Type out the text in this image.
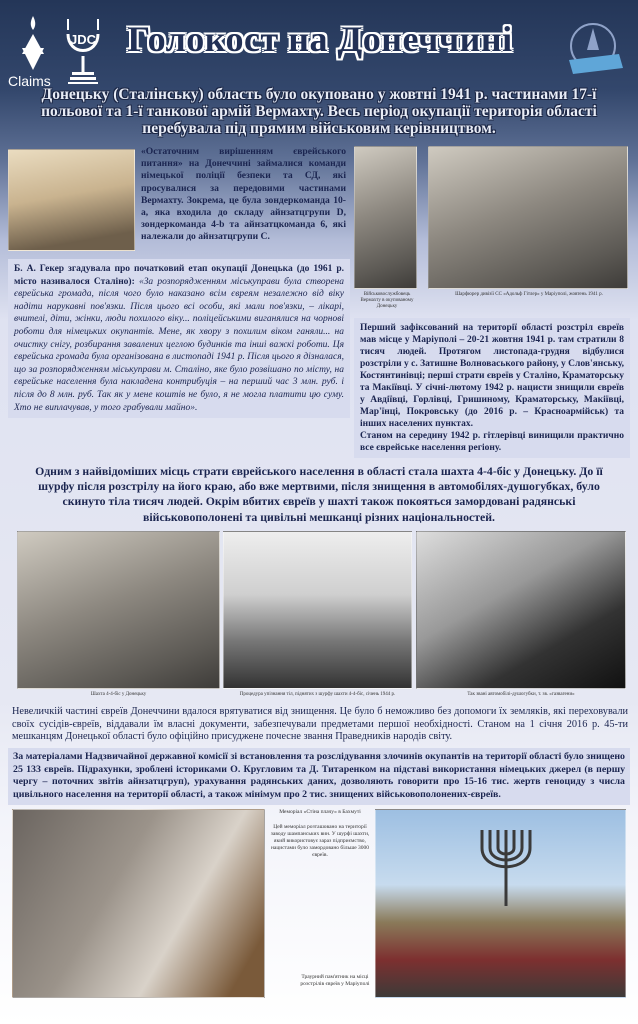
Claims
JDC Голокост на Донеччині
Донецьку (Сталінську) область було окуповано у жовтні 1941 р. частинами 17-ї польової та 1-ї танкової армій Вермахту. Весь період окупації територія області перебувала під прямим військовим керівництвом.
«Остаточним вирішенням єврейського питання» на Донеччині займалися команди німецької поліції безпеки та СД, які просувалися за передовими частинами Вермахту. Зокрема, це була зондеркоманда 10-а, яка входила до складу айнзатцгрупи D, зондеркоманда 4-b та айнзатцкоманда 6, які належали до айнзатцгрупи С.
Б. А. Гекер згадувала про початковий етап окупації Донецька (до 1961 р. місто називалося Сталіно): «За розпорядженням міськуправи була створена єврейська громада, після чого було наказано всім євреям незалежно від віку надіти нарукавні пов'язки. Після цього всі особи, які мали пов'язки, – лікарі, вчителі, діти, жінки, люди похилого віку... поліцейськими виганялися на чорнові роботи для німецьких окупантів. Мене, як хвору з похилим віком ганяли... на очистку снігу, розбирання завалених цеглою будинків та інші важкі роботи. Ця єврейська громада була організована в листопаді 1941 р. Після цього я дізналася, що за розпорядженням міськуправи м. Сталіно, яке було розвішано по місту, на єврейське населення була накладена контрибуція – на перший час 3 млн. руб. і після до 8 млн. руб. Так як у мене коштів не було, я не могла платити цю суму. Хто не виплачував, у того грабували майно».
Військовослужбовець Вермахту в окупованому Донецьку
Шарфюрер дивізії СС «Адольф Гітлер» у Маріуполі, жовтень 1941 р.
Перший зафіксований на території області розстріл євреїв мав місце у Маріуполі – 20-21 жовтня 1941 р. там стратили 8 тисяч людей. Протягом листопада-грудня відбулися розстріли у с. Затишне Волноваського району, у Слов'янську, Костянтинівці; перші страти євреїв у Сталіно, Краматорську та Макіївці. У січні-лютому 1942 р. нацисти знищили євреїв у Авдіївці, Горлівці, Гришиному, Краматорську, Макіївці, Мар'їнці, Покровську (до 2016 р. – Красноармійськ) та інших населених пунктах.
Станом на середину 1942 р. гітлерівці винищили практично все єврейське населення регіону.
Одним з найвідоміших місць страти єврейського населення в області стала шахта 4-4-біс у Донецьку. До її шурфу після розстрілу на його краю, або вже мертвими, після знищення в автомобілях-душогубках, було скинуто тіла тисяч людей. Окрім вбитих євреїв у шахті також покояться замордовані радянські військовополонені та цивільні мешканці різних національностей.
Шахта 4-4-біс у Донецьку	Процедура упізнання тіл, піднятих з шурфу шахти 4-4-біс, січень 1944 р.	Так звані автомобілі-душогубки, т. зв. «газвагени»
Невеличкій частині євреїв Донеччини вдалося врятуватися від знищення. Це було б неможливо без допомоги їх земляків, які переховували своїх сусідів-євреїв, віддавали їм власні документи, забезпечували предметами першої необхідності. Станом на 1 січня 2016 р. 45-ти мешканцям Донецької області було офіційно присуджене почесне звання Праведників народів світу.
За матеріалами Надзвичайної державної комісії зі встановлення та розслідування злочинів окупантів на території області було знищено 25 133 євреїв. Підрахунки, зроблені істориками О. Кругловим та Д. Титаренком на підставі використання німецьких джерел (в першу чергу – поточних звітів айнзатцгруп), урахування радянських даних, дозволяють говорити про 15-16 тис. жертв геноциду з числа цивільного населення на території області, а також мінімум про 2 тис. знищених військовополонених-євреїв.
Меморіал «Стіна плачу» в Бахмуті
Цей меморіал розташовано на території заводу шампанських вин. У шурфі шахти, який використовує зараз підприємство, нацистами було замордовано більше 3000 євреїв.
Траурний пам'ятник на місці розстрілів євреїв у Маріуполі
